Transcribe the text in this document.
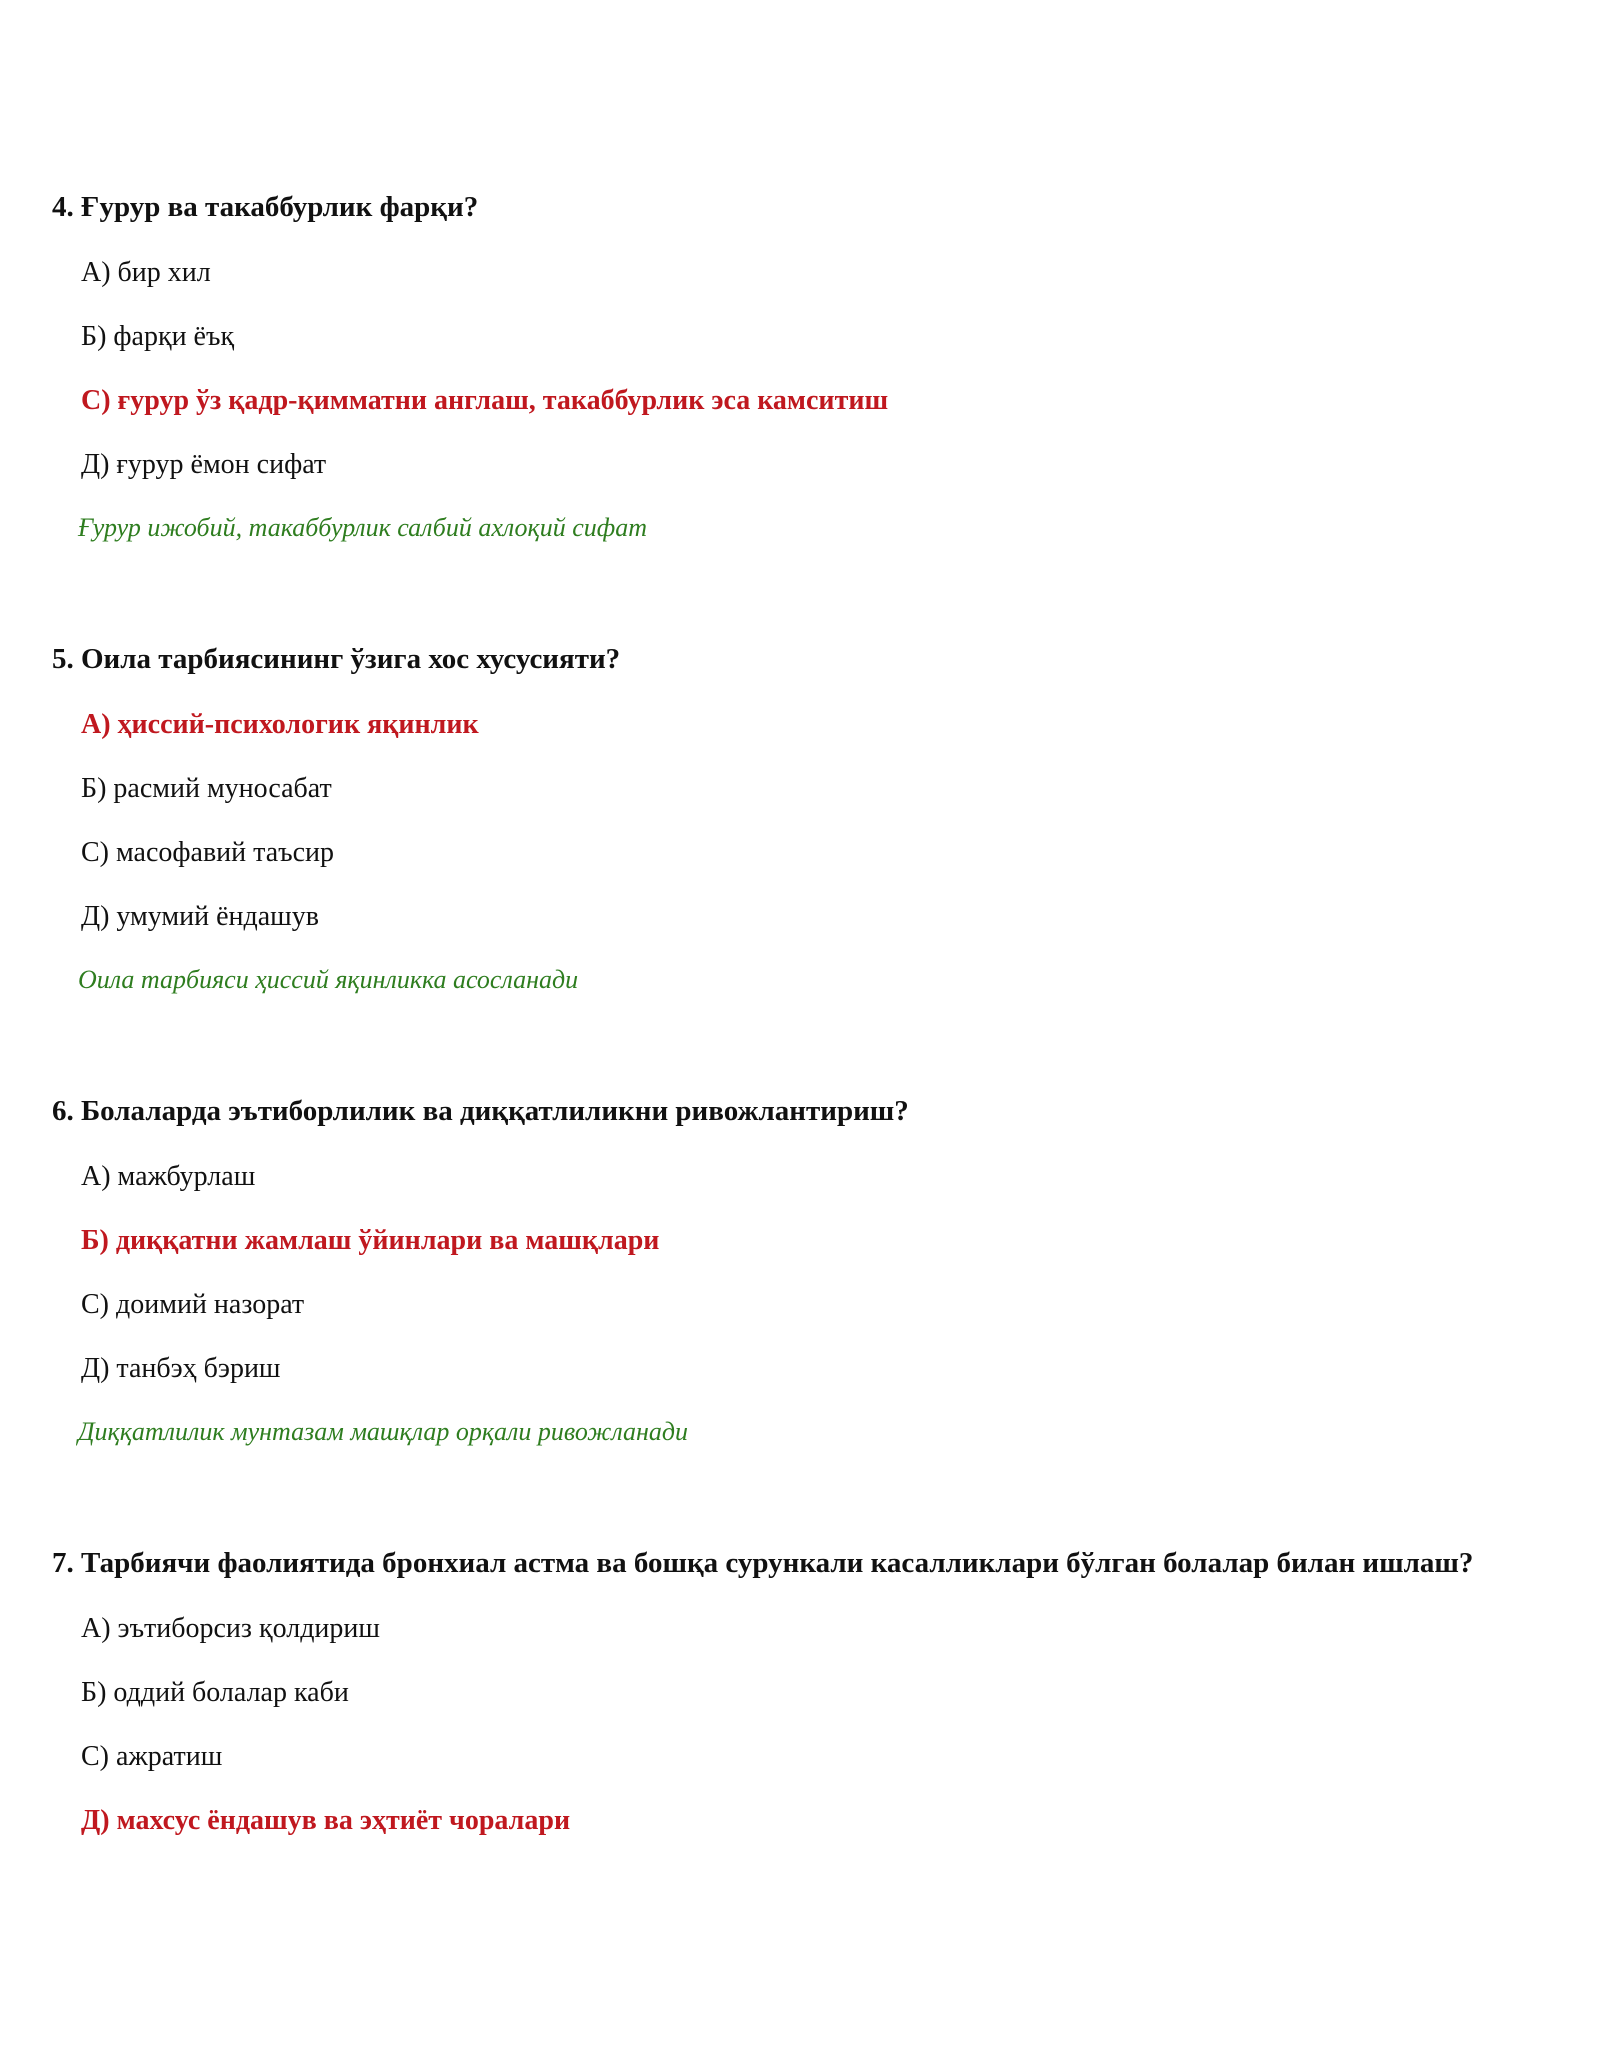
4. Ғурур ва такаббурлик фарқи?

А) бир хил
Б) фарқи ёъқ
С) ғурур ўз қадр-қимматни англаш, такаббурлик эса камситиш
Д) ғурур ёмон сифат
Ғурур ижобий, такаббурлик салбий ахлоқий сифат

5. Оила тарбиясининг ўзига хос хусусияти?

А) ҳиссий-психологик яқинлик
Б) расмий муносабат
С) масофавий таъсир
Д) умумий ёндашув
Оила тарбияси ҳиссий яқинликка асосланади

6. Болаларда эътиборлилик ва диққатлиликни ривожлантириш?

А) мажбурлаш
Б) диққатни жамлаш ўйинлари ва машқлари
С) доимий назорат
Д) танбэҳ бэриш
Диққатлилик мунтазам машқлар орқали ривожланади

7. Тарбиячи фаолиятида бронхиал астма ва бошқа сурункали касалликлари бўлган болалар билан ишлаш?

А) эътиборсиз қолдириш
Б) оддий болалар каби
С) ажратиш
Д) махсус ёндашув ва эҳтиёт чоралари
